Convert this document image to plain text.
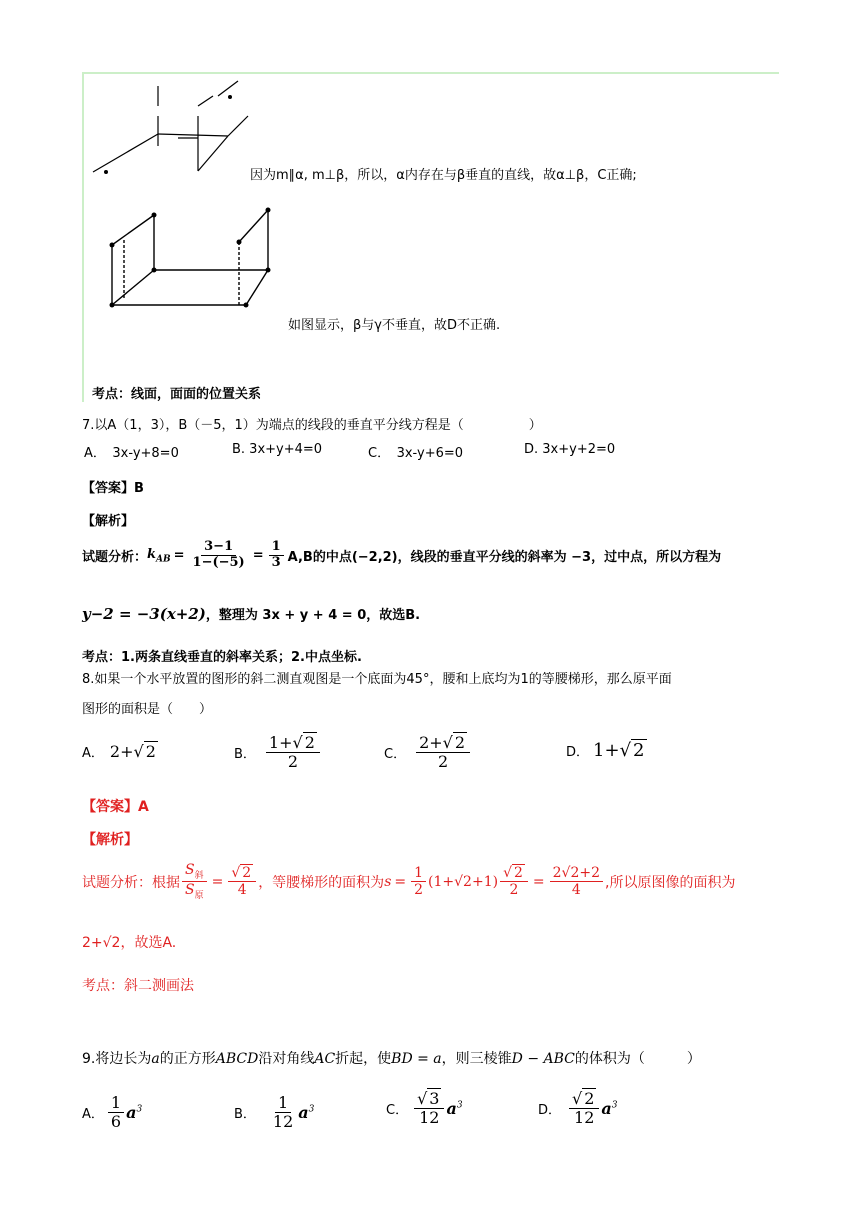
因为m∥α, m⊥β，所以，α内存在与β垂直的直线，故α⊥β，C正确;
如图显示，β与γ不垂直，故D不正确.
考点：线面，面面的位置关系
7.以A（1，3），B（－5，1）为端点的线段的垂直平分线方程是（　　　　　）
A．　3x-y+8=0	B. 3x+y+4=0	C．　3x-y+6=0	D. 3x+y+2=0
【答案】B
【解析】
试题分析： $k_{AB} = \frac{3-1}{1-(-5)} = \frac{1}{3} A,B$的中点(−2,2)，线段的垂直平分线的斜率为 −3，过中点，所以方程为
y−2 = −3(x+2)，整理为 3x + y + 4 = 0，故选B.
考点：1.两条直线垂直的斜率关系；2.中点坐标.
8.如果一个水平放置的图形的斜二测直观图是一个底面为45°，腰和上底均为1的等腰梯形，那么原平面
图形的面积是（　　）
A． 2+√ 2	B． $\frac{1+√ 2}{2}$	C． $\frac{2+√ 2}{2}$	D． 1+√ 2
【答案】A
【解析】
试题分析：根据 $\frac{S_斜}{S_原} = \frac{√ 2}{4}$ ，等腰梯形的面积为 $s = \frac{1}{2} (1+√2+1) \frac{√ 2}{2} = \frac{2√2+2}{4}$ ,所以原图像的面积为
2+√2，故选A.
考点：斜二测画法
9.将边长为a的正方形ABCD沿对角线AC折起，使BD = a，则三棱锥D − ABC的体积为（　　　）
A． $\frac{1}{6} a^3$	B． $\frac{1}{12} a^3$	C． $\frac{√ 3}{12} a^3$	D． $\frac{√ 2}{12} a^3$
